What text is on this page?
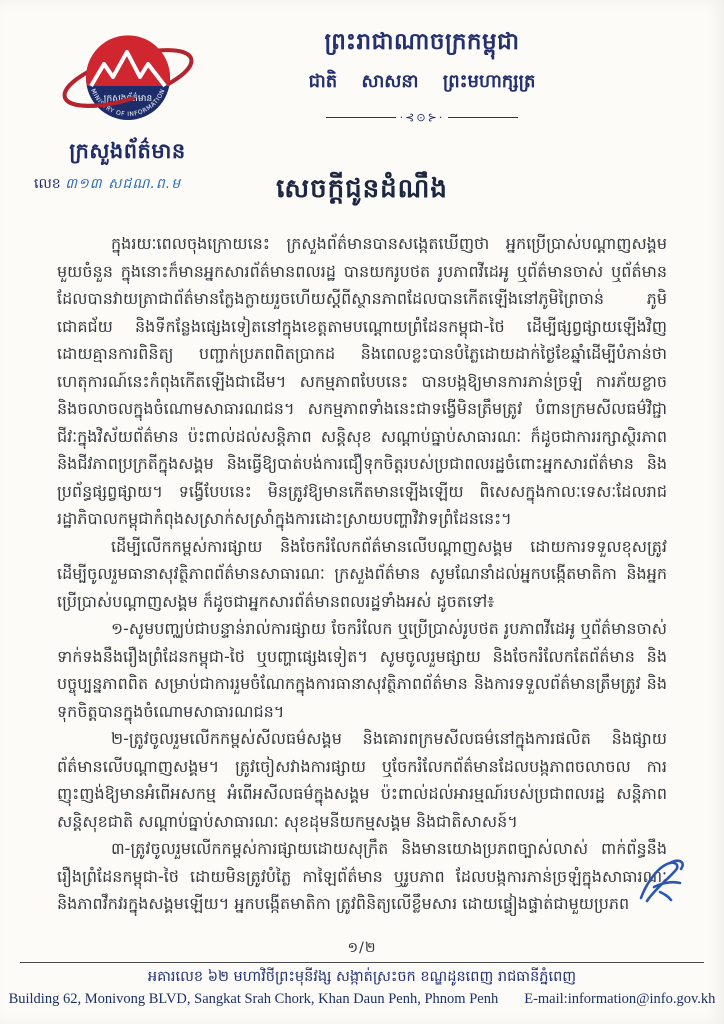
ក្រសួងព័ត៌មាន
MINISTRY OF INFORMATION
ក្រសួងព័ត៌មាន
លេខ ៣១៣ សជណ.ព.ម
ព្រះរាជាណាចក្រកម្ពុជា
ជាតិ សាសនា ព្រះមហាក្សត្រ
·⊰⊙⊱·
សេចក្តីជូនដំណឹង

ក្នុងរយៈពេលចុងក្រោយនេះ ក្រសួងព័ត៌មានបានសង្កេតឃើញថា អ្នកប្រើប្រាស់បណ្តាញសង្គមមួយចំនួន ក្នុងនោះក៏មានអ្នកសារព័ត៌មានពលរដ្ឋ បានយករូបថត រូបភាពវីដេអូ ឬព័ត៌មានចាស់ ឬព័ត៌មានដែលបានវាយត្រាជាព័ត៌មានក្លែងក្លាយរួចហើយស្តីពីស្ថានភាពដែលបានកើតឡើងនៅភូមិព្រៃចាន់ ភូមិជោគជ័យ និងទីកន្លែងផ្សេងទៀតនៅក្នុងខេត្តតាមបណ្តោយព្រំដែនកម្ពុជា-ថៃ ដើម្បីផ្សព្វផ្សាយឡើងវិញ ដោយគ្មានការពិនិត្យ បញ្ជាក់ប្រភពពិតប្រាកដ និងពេលខ្លះបានបំភ្លៃដោយដាក់ថ្ងៃខែឆ្នាំដើម្បីបំភាន់ថាហេតុការណ៍នេះកំពុងកើតឡើងជាដើម។ សកម្មភាពបែបនេះ បានបង្កឱ្យមានការភាន់ច្រឡំ ការភ័យខ្លាច និងចលាចលក្នុងចំណោមសាធារណជន។ សកម្មភាពទាំងនេះជាទង្វើមិនត្រឹមត្រូវ បំពានក្រមសីលធម៌វិជ្ជាជីវៈក្នុងវិស័យព័ត៌មាន ប៉ះពាល់ដល់សន្តិភាព សន្តិសុខ សណ្តាប់ធ្នាប់សាធារណៈ ក៏ដូចជាការរក្សាស្ថិរភាព និងជីវភាពប្រក្រតីក្នុងសង្គម និងធ្វើឱ្យបាត់បង់ការជឿទុកចិត្តរបស់ប្រជាពលរដ្ឋចំពោះអ្នកសារព័ត៌មាន និងប្រព័ន្ធផ្សព្វផ្សាយ។ ទង្វើបែបនេះ មិនត្រូវឱ្យមានកើតមានឡើងឡើយ ពិសេសក្នុងកាលៈទេសៈដែលរាជរដ្ឋាភិបាលកម្ពុជាកំពុងសស្រាក់សស្រាំក្នុងការដោះស្រាយបញ្ហាវិវាទព្រំដែននេះ។

ដើម្បីលើកកម្ពស់ការផ្សាយ និងចែករំលែកព័ត៌មានលើបណ្តាញសង្គម ដោយការទទួលខុសត្រូវ ដើម្បីចូលរួមធានាសុវត្ថិភាពព័ត៌មានសាធារណៈ ក្រសួងព័ត៌មាន សូមណែនាំដល់អ្នកបង្កើតមាតិកា និងអ្នកប្រើប្រាស់បណ្តាញសង្គម ក៏ដូចជាអ្នកសារព័ត៌មានពលរដ្ឋទាំងអស់ ដូចតទៅ៖

១-សូមបញ្ឈប់ជាបន្ទាន់រាល់ការផ្សាយ ចែករំលែក ឬប្រើប្រាស់រូបថត រូបភាពវីដេអូ ឬព័ត៌មានចាស់ ទាក់ទងនឹងរឿងព្រំដែនកម្ពុជា-ថៃ ឬបញ្ហាផ្សេងទៀត។ សូមចូលរួមផ្សាយ និងចែករំលែកតែព័ត៌មាន និងបច្ចុប្បន្នភាពពិត សម្រាប់ជាការរួមចំណែកក្នុងការធានាសុវត្ថិភាពព័ត៌មាន និងការទទួលព័ត៌មានត្រឹមត្រូវ និងទុកចិត្តបានក្នុងចំណោមសាធារណជន។

២-ត្រូវចូលរួមលើកកម្ពស់សីលធម៌សង្គម និងគោរពក្រមសីលធម៌នៅក្នុងការផលិត និងផ្សាយព័ត៌មានលើបណ្តាញសង្គម។ ត្រូវចៀសវាងការផ្សាយ ឬចែករំលែកព័ត៌មានដែលបង្កភាពចលាចល ការញុះញង់ឱ្យមានអំពើអសកម្ម អំពើអសីលធម៌ក្នុងសង្គម ប៉ះពាល់ដល់អារម្មណ៍របស់ប្រជាពលរដ្ឋ សន្តិភាព សន្តិសុខជាតិ សណ្តាប់ធ្នាប់សាធារណៈ សុខដុមនីយកម្មសង្គម និងជាតិសាសន៍។

៣-ត្រូវចូលរួមលើកកម្ពស់ការផ្សាយដោយសុក្រឹត និងមានយោងប្រភពច្បាស់លាស់ ពាក់ព័ន្ធនឹងរឿងព្រំដែនកម្ពុជា-ថៃ ដោយមិនត្រូវបំភ្លៃ កាឡៃព័ត៌មាន ឬរូបភាព ដែលបង្កការភាន់ច្រឡំក្នុងសាធារណៈ និងភាពវឹកវរក្នុងសង្គមឡើយ។ អ្នកបង្កើតមាតិកា ត្រូវពិនិត្យលើខ្លឹមសារ ដោយផ្ទៀងផ្ទាត់ជាមួយប្រភព

១/២
អគារលេខ ៦២ មហាវិថីព្រះមុនីវង្ស សង្កាត់ស្រះចក ខណ្ឌដូនពេញ រាជធានីភ្នំពេញ
Building 62, Monivong BLVD, Sangkat Srah Chork, Khan Daun Penh, Phnom Penh E-mail:information@info.gov.kh
